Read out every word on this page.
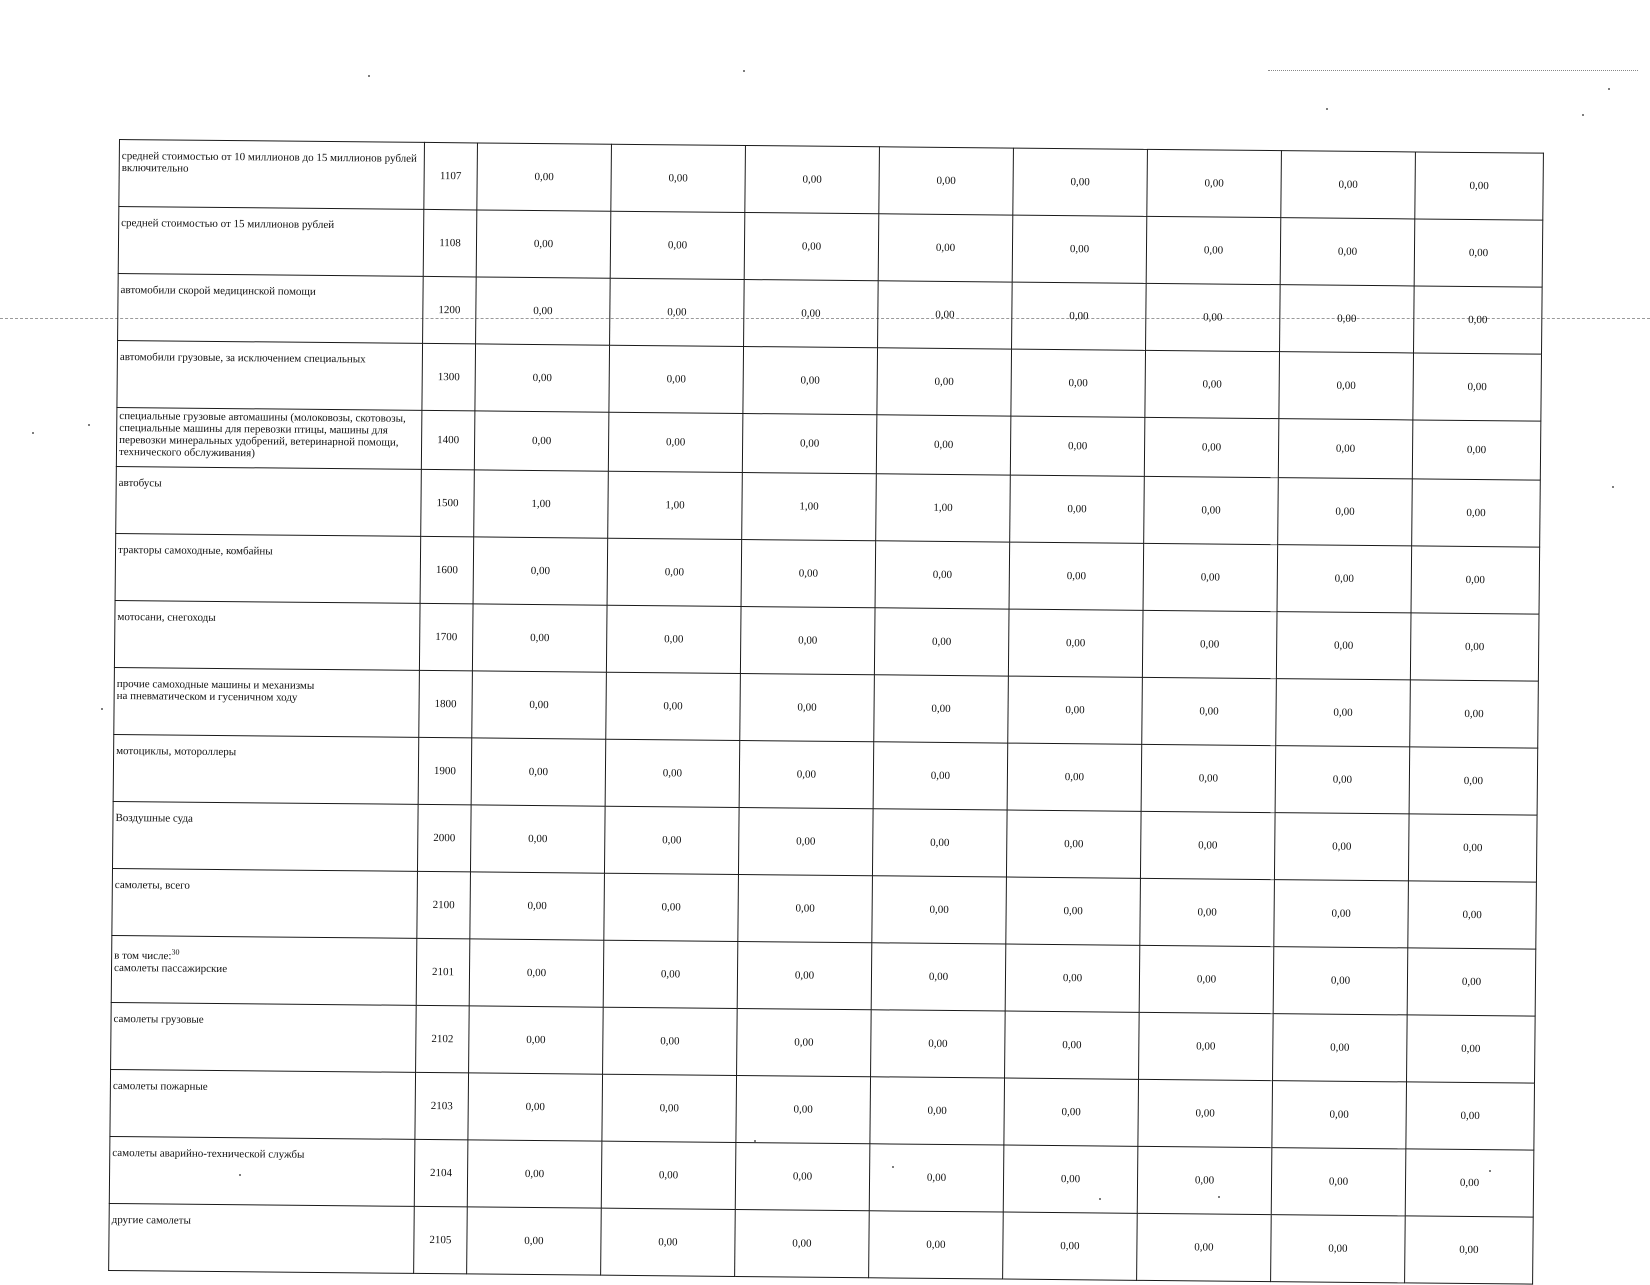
средней стоимостью от 10 миллионов до 15 миллионов рублей включительно	1107	0,00	0,00	0,00	0,00	0,00	0,00	0,00	0,00
средней стоимостью от 15 миллионов рублей	1108	0,00	0,00	0,00	0,00	0,00	0,00	0,00	0,00
автомобили скорой медицинской помощи	1200	0,00	0,00	0,00	0,00	0,00	0,00	0,00	0,00
автомобили грузовые, за исключением специальных	1300	0,00	0,00	0,00	0,00	0,00	0,00	0,00	0,00
специальные грузовые автомашины (молоковозы, скотовозы, специальные машины для перевозки птицы, машины для перевозки минеральных удобрений, ветеринарной помощи, технического обслуживания)	1400	0,00	0,00	0,00	0,00	0,00	0,00	0,00	0,00
автобусы	1500	1,00	1,00	1,00	1,00	0,00	0,00	0,00	0,00
тракторы самоходные, комбайны	1600	0,00	0,00	0,00	0,00	0,00	0,00	0,00	0,00
мотосани, снегоходы	1700	0,00	0,00	0,00	0,00	0,00	0,00	0,00	0,00
прочие самоходные машины и механизмы
на пневматическом и гусеничном ходу	1800	0,00	0,00	0,00	0,00	0,00	0,00	0,00	0,00
мотоциклы, мотороллеры	1900	0,00	0,00	0,00	0,00	0,00	0,00	0,00	0,00
Воздушные суда	2000	0,00	0,00	0,00	0,00	0,00	0,00	0,00	0,00
самолеты, всего	2100	0,00	0,00	0,00	0,00	0,00	0,00	0,00	0,00
в том числе:$^{30}$
самолеты пассажирские	2101	0,00	0,00	0,00	0,00	0,00	0,00	0,00	0,00
самолеты грузовые	2102	0,00	0,00	0,00	0,00	0,00	0,00	0,00	0,00
самолеты пожарные	2103	0,00	0,00	0,00	0,00	0,00	0,00	0,00	0,00
самолеты аварийно-технической службы	2104	0,00	0,00	0,00	0,00	0,00	0,00	0,00	0,00
другие самолеты	2105	0,00	0,00	0,00	0,00	0,00	0,00	0,00	0,00
